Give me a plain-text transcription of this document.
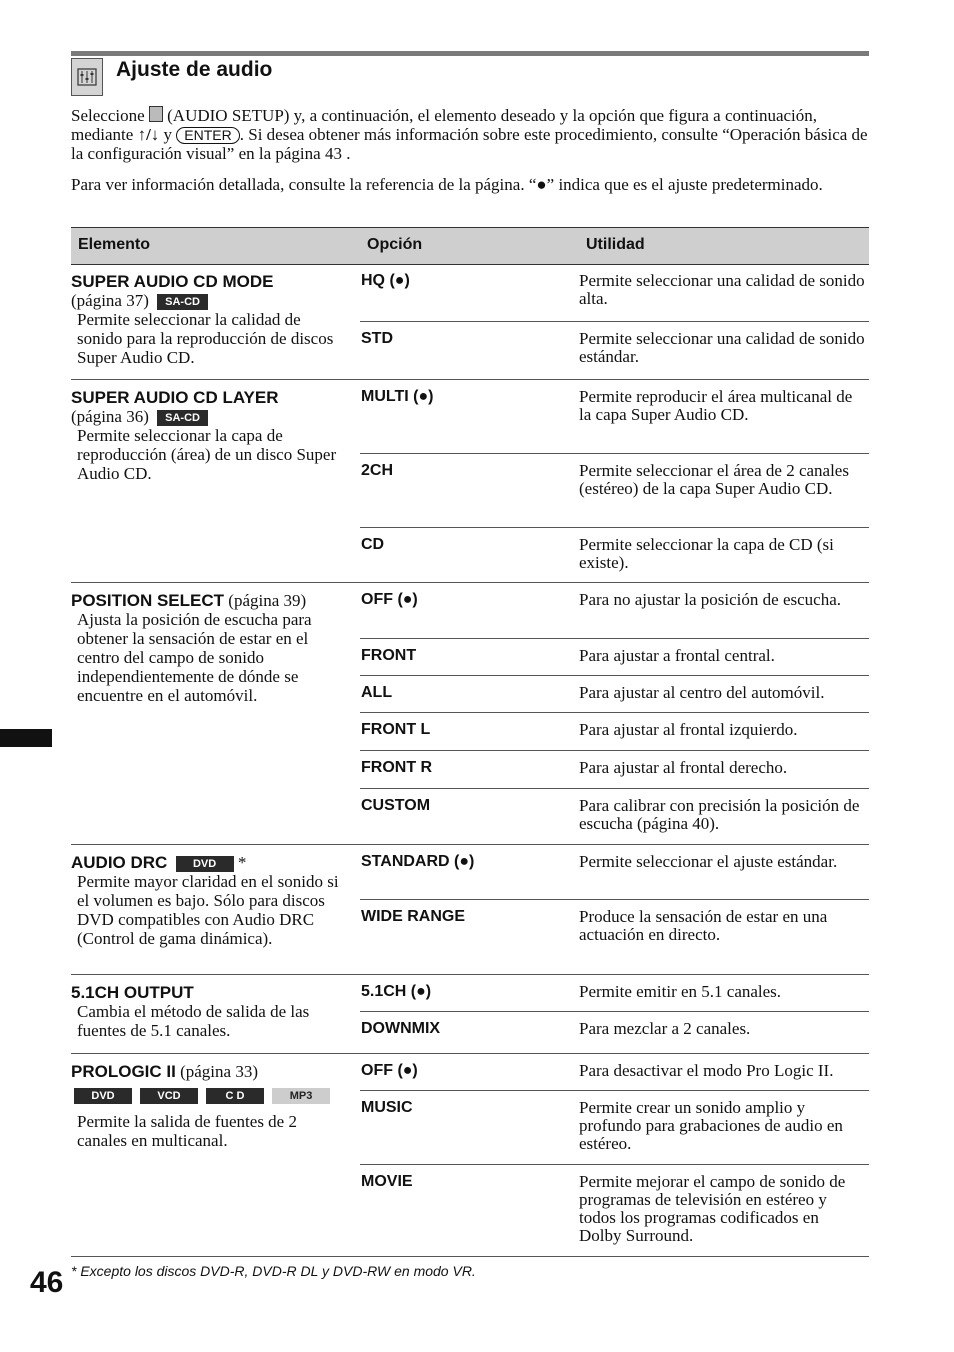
Ajuste de audio
Seleccione (AUDIO SETUP) y, a continuación, el elemento deseado y la opción que figura a continuación, mediante ↑/↓ y ENTER . Si desea obtener más información sobre este procedimiento, consulte “Operación básica de la configuración visual” en la página 43 .
Para ver información detallada, consulte la referencia de la página. “●” indica que es el ajuste predeterminado.
Elemento	Opción	Utilidad
SUPER AUDIO CD MODE
(página 37) SA-CD
Permite seleccionar la calidad de sonido para la reproducción de discos Super Audio CD.
HQ (●)	Permite seleccionar una calidad de sonido alta.
STD	Permite seleccionar una calidad de sonido estándar.
SUPER AUDIO CD LAYER
(página 36) SA-CD
Permite seleccionar la capa de reproducción (área) de un disco Super Audio CD.
MULTI (●)	Permite reproducir el área multicanal de la capa Super Audio CD.
2CH	Permite seleccionar el área de 2 canales (estéreo) de la capa Super Audio CD.
CD	Permite seleccionar la capa de CD (si existe).
POSITION SELECT (página 39)
Ajusta la posición de escucha para obtener la sensación de estar en el centro del campo de sonido independientemente de dónde se encuentre en el automóvil.
OFF (●)	Para no ajustar la posición de escucha.
FRONT	Para ajustar a frontal central.
ALL	Para ajustar al centro del automóvil.
FRONT L	Para ajustar al frontal izquierdo.
FRONT R	Para ajustar al frontal derecho.
CUSTOM	Para calibrar con precisión la posición de escucha (página 40).
AUDIO DRC DVD *
Permite mayor claridad en el sonido si el volumen es bajo. Sólo para discos DVD compatibles con Audio DRC (Control de gama dinámica).
STANDARD (●)	Permite seleccionar el ajuste estándar.
WIDE RANGE	Produce la sensación de estar en una actuación en directo.
5.1CH OUTPUT
Cambia el método de salida de las fuentes de 5.1 canales.
5.1CH (●)	Permite emitir en 5.1 canales.
DOWNMIX	Para mezclar a 2 canales.
PROLOGIC II (página 33)
DVD	VCD	C D	MP3
Permite la salida de fuentes de 2 canales en multicanal.
OFF (●)	Para desactivar el modo Pro Logic II.
MUSIC	Permite crear un sonido amplio y profundo para grabaciones de audio en estéreo.
MOVIE	Permite mejorar el campo de sonido de programas de televisión en estéreo y todos los programas codificados en Dolby Surround.
* Excepto los discos DVD-R, DVD-R DL y DVD-RW en modo VR.
46
